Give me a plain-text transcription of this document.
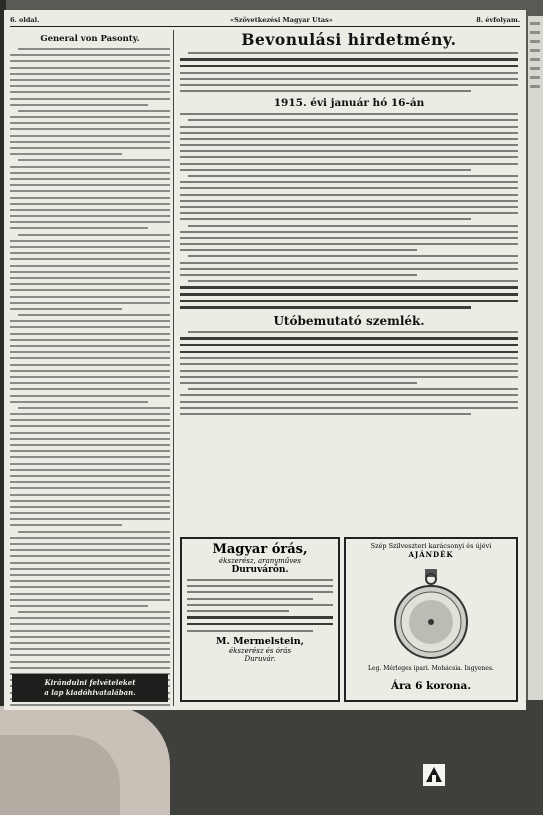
6. oldal.	«Szövetkezési Magyar Utas»	8. évfolyam.
General von Pasonty.	Bevonulási hirdetmény.
1915. évi január hó 16-án
Utóbemutató szemlék.
Magyar órás,
ékszerész, aranyműves
Duruvárón.
M. Mermelstein,
ékszerész és órás
Duruvár.
Szép Szilveszteri karácsonyi és újévi
AJÁNDÉK
Leg. Mérleges ipari. Mohácsia. Ingyenes.
Ára 6 korona.
Kirándulni felvételeket
a lap kiadóhivatalában.
